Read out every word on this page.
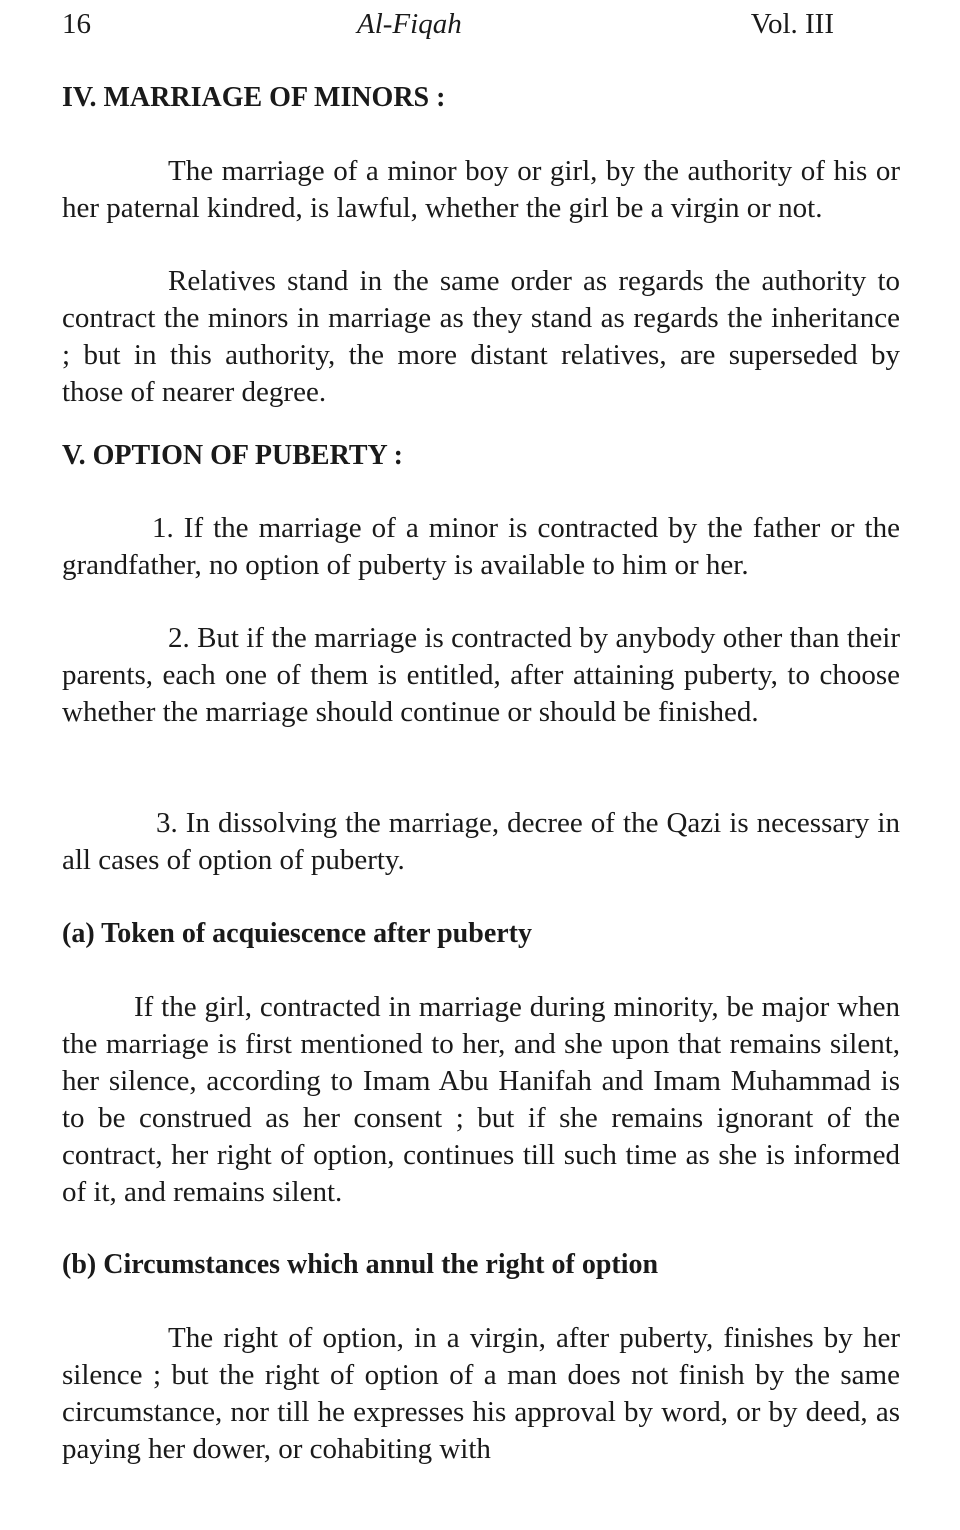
16	Al-Fiqah	Vol. III

IV. MARRIAGE OF MINORS :

The marriage of a minor boy or girl, by the authority of his or her paternal kindred, is lawful, whether the girl be a virgin or not.

Relatives stand in the same order as regards the authority to contract the minors in marriage as they stand as regards the inheritance ; but in this authority, the more distant relatives, are superseded by those of nearer degree.

V. OPTION OF PUBERTY :

1. If the marriage of a minor is contracted by the father or the grandfather, no option of puberty is available to him or her.

2. But if the marriage is contracted by anybody other than their parents, each one of them is entitled, after attaining puberty, to choose whether the marriage should continue or should be finished.

3. In dissolving the marriage, decree of the Qazi is necessary in all cases of option of puberty.

(a) Token of acquiescence after puberty

If the girl, contracted in marriage during minority, be major when the marriage is first mentioned to her, and she upon that remains silent, her silence, according to Imam Abu Hanifah and Imam Muhammad is to be construed as her consent ; but if she remains ignorant of the contract, her right of option, continues till such time as she is informed of it, and remains silent.

(b) Circumstances which annul the right of option

The right of option, in a virgin, after puberty, finishes by her silence ; but the right of option of a man does not finish by the same circumstance, nor till he expresses his approval by word, or by deed, as paying her dower, or cohabiting with
